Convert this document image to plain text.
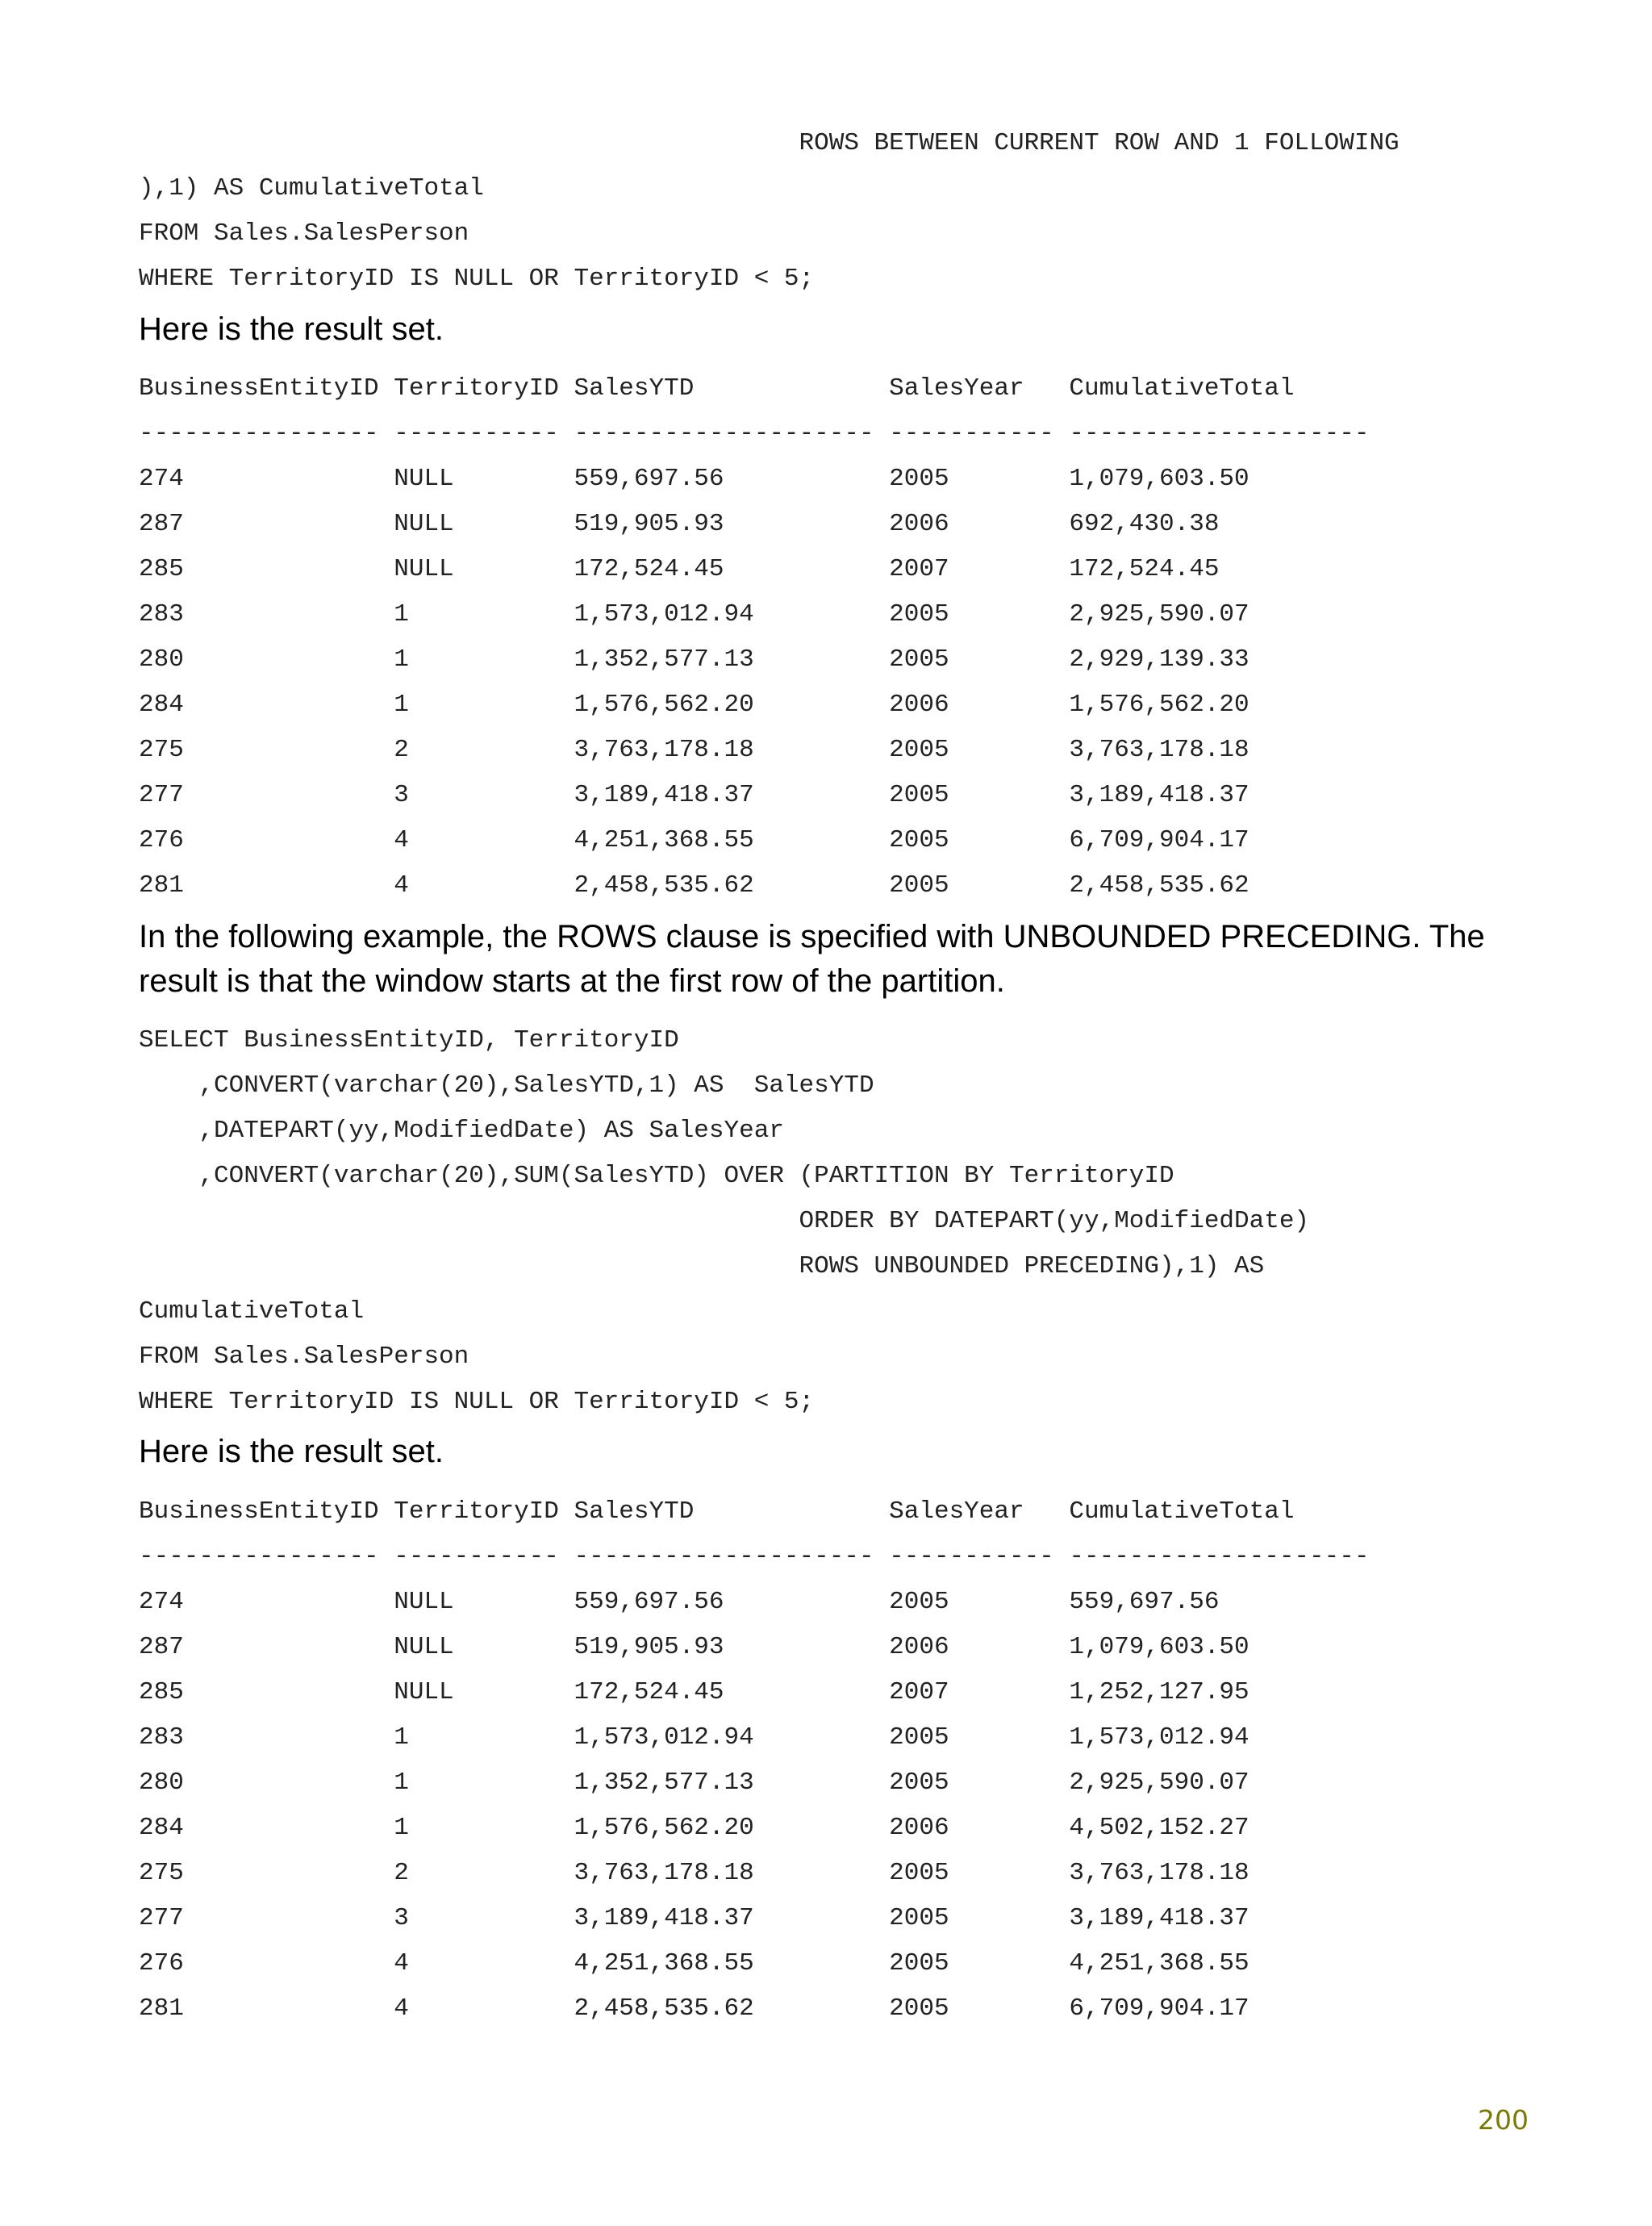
ROWS BETWEEN CURRENT ROW AND 1 FOLLOWING
),1) AS CumulativeTotal
FROM Sales.SalesPerson
WHERE TerritoryID IS NULL OR TerritoryID < 5;
Here is the result set.
BusinessEntityID TerritoryID SalesYTD             SalesYear   CumulativeTotal
---------------- ----------- -------------------- ----------- --------------------
274              NULL        559,697.56           2005        1,079,603.50
287              NULL        519,905.93           2006        692,430.38
285              NULL        172,524.45           2007        172,524.45
283              1           1,573,012.94         2005        2,925,590.07
280              1           1,352,577.13         2005        2,929,139.33
284              1           1,576,562.20         2006        1,576,562.20
275              2           3,763,178.18         2005        3,763,178.18
277              3           3,189,418.37         2005        3,189,418.37
276              4           4,251,368.55         2005        6,709,904.17
281              4           2,458,535.62         2005        2,458,535.62
In the following example, the ROWS clause is specified with UNBOUNDED PRECEDING. The result is that the window starts at the first row of the partition.
SELECT BusinessEntityID, TerritoryID
,CONVERT(varchar(20),SalesYTD,1) AS  SalesYTD
,DATEPART(yy,ModifiedDate) AS SalesYear
,CONVERT(varchar(20),SUM(SalesYTD) OVER (PARTITION BY TerritoryID
ORDER BY DATEPART(yy,ModifiedDate)
ROWS UNBOUNDED PRECEDING),1) AS
CumulativeTotal
FROM Sales.SalesPerson
WHERE TerritoryID IS NULL OR TerritoryID < 5;
Here is the result set.
BusinessEntityID TerritoryID SalesYTD             SalesYear   CumulativeTotal
---------------- ----------- -------------------- ----------- --------------------
274              NULL        559,697.56           2005        559,697.56
287              NULL        519,905.93           2006        1,079,603.50
285              NULL        172,524.45           2007        1,252,127.95
283              1           1,573,012.94         2005        1,573,012.94
280              1           1,352,577.13         2005        2,925,590.07
284              1           1,576,562.20         2006        4,502,152.27
275              2           3,763,178.18         2005        3,763,178.18
277              3           3,189,418.37         2005        3,189,418.37
276              4           4,251,368.55         2005        4,251,368.55
281              4           2,458,535.62         2005        6,709,904.17
200
